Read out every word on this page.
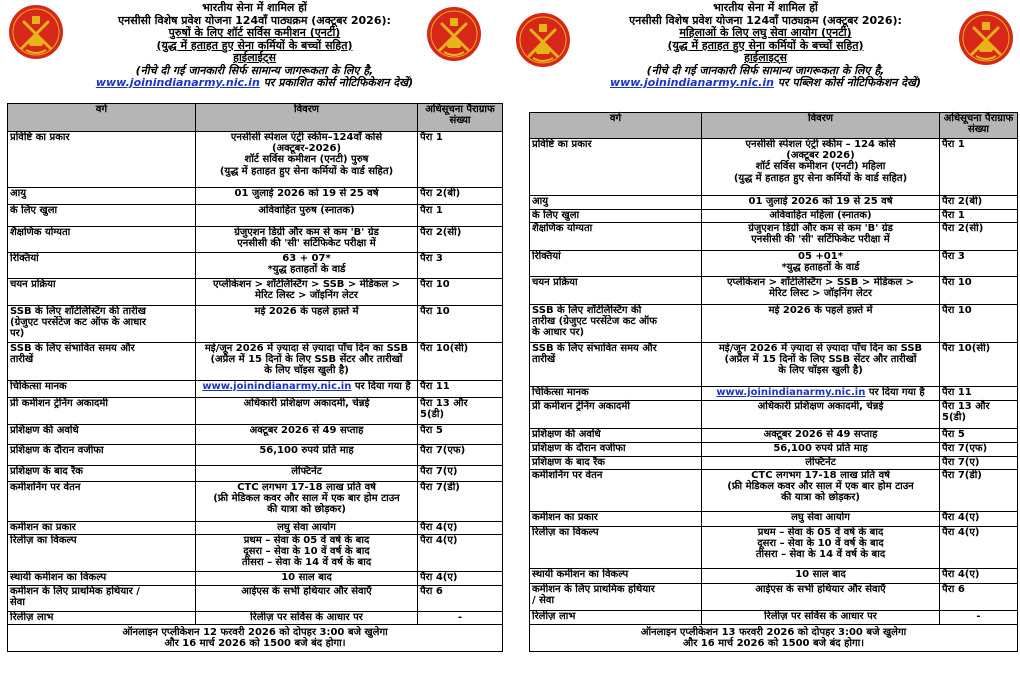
भारतीय सेना में शामिल हों
एनसीसी विशेष प्रवेश योजना 124वाँ पाठ्यक्रम (अक्टूबर 2026):
पुरुषों के लिए शॉर्ट सर्विस कमीशन (एनटी)
(युद्ध में हताहत हुए सेना कर्मियों के बच्चों सहित)
हाईलाईट्स
(नीचे दी गई जानकारी सिर्फ सामान्य जागरूकता के लिए है,
www.joinindianarmy.nic.in पर प्रकाशित कोर्स नोटिफिकेशन देखें)
वर्ग	विवरण	अधिसूचना पैराग्राफ संख्या
प्रविष्टि का प्रकार	एनसीसी स्पेशल एंट्री स्कीम–124वाँ कोर्स
(अक्टूबर-2026)
शॉर्ट सर्विस कमीशन (एनटी) पुरुष
(युद्ध में हताहत हुए सेना कर्मियों के वार्ड सहित)	पैरा 1
आयु	01 जुलाई 2026 को 19 से 25 वर्ष	पैरा 2(बी)
के लिए खुला	अविवाहित पुरुष (स्नातक)	पैरा 1
शैक्षणिक योग्यता	ग्रेजुएशन डिग्री और कम से कम 'B' ग्रेड
एनसीसी की 'सी' सर्टिफिकेट परीक्षा में	पैरा 2(सी)
रिक्तियां	63 + 07*
*युद्ध हताहतों के वार्ड	पैरा 3
चयन प्रक्रिया	एप्लीकेशन > शॉर्टलिस्टिंग > SSB > मेडिकल >
मेरिट लिस्ट > जॉइनिंग लेटर	पैरा 10
SSB के लिए शॉर्टलिस्टिंग की तारीख
(ग्रेजुएट परसेंटेज कट ऑफ के आधार
पर)	मई 2026 के पहले हफ़्ते में	पैरा 10
SSB के लिए संभावित समय और
तारीखें	मई/जून 2026 में ज़्यादा से ज़्यादा पाँच दिन का SSB
(अप्रैल में 15 दिनों के लिए SSB सेंटर और तारीखों
के लिए चॉइस खुली है)	पैरा 10(सी)
चिकित्सा मानक	www.joinindianarmy.nic.in पर दिया गया है	पैरा 11
प्री कमीशन ट्रेनिंग अकादमी	अधिकारी प्रशिक्षण अकादमी, चेन्नई	पैरा 13 और
5(डी)
प्रशिक्षण की अवधि	अक्टूबर 2026 से 49 सप्ताह	पैरा 5
प्रशिक्षण के दौरान वजीफा	56,100 रुपये प्रति माह	पैरा 7(एफ)
प्रशिक्षण के बाद रैंक	लेफ्टिनेंट	पैरा 7(ए)
कमीशनिंग पर वेतन	CTC लगभग 17-18 लाख प्रति वर्ष
(फ्री मेडिकल कवर और साल में एक बार होम टाउन
की यात्रा को छोड़कर)	पैरा 7(डी)
कमीशन का प्रकार	लघु सेवा आयोग	पैरा 4(ए)
रिलीज़ का विकल्प	प्रथम – सेवा के 05 वें वर्ष के बाद
दूसरा – सेवा के 10 वें वर्ष के बाद
तीसरा – सेवा के 14 वें वर्ष के बाद	पैरा 4(ए)
स्थायी कमीशन का विकल्प	10 साल बाद	पैरा 4(ए)
कमीशन के लिए प्राथमिक हथियार /
सेवा	आईएस के सभी हथियार और सेवाएँ	पैरा 6
रिलीज़ लाभ	रिलीज़ पर सर्विस के आधार पर	-
ऑनलाइन एप्लीकेशन 12 फरवरी 2026 को दोपहर 3:00 बजे खुलेगा
और 16 मार्च 2026 को 1500 बजे बंद होगा।		
भारतीय सेना में शामिल हों
एनसीसी विशेष प्रवेश योजना 124वाँ पाठ्यक्रम (अक्टूबर 2026):
महिलाओं के लिए लघु सेवा आयोग (एनटी)
(युद्ध में हताहत हुए सेना कर्मियों के बच्चों सहित)
हाईलाइट्स
(नीचे दी गई जानकारी सिर्फ सामान्य जागरूकता के लिए है,
www.joinindianarmy.nic.in पर पब्लिश कोर्स नोटिफिकेशन देखें)
वर्ग	विवरण	अधिसूचना पैराग्राफ संख्या
प्रविष्टि का प्रकार	एनसीसी स्पेशल एंट्री स्कीम – 124 कोर्स
(अक्टूबर 2026)
शॉर्ट सर्विस कमीशन (एनटी) महिला
(युद्ध में हताहत हुए सेना कर्मियों के वार्ड सहित)	पैरा 1
आयु	01 जुलाई 2026 को 19 से 25 वर्ष	पैरा 2(बी)
के लिए खुला	अविवाहित महिला (स्नातक)	पैरा 1
शैक्षणिक योग्यता	ग्रेजुएशन डिग्री और कम से कम 'B' ग्रेड
एनसीसी की 'सी' सर्टिफिकेट परीक्षा में	पैरा 2(सी)
रिक्तियां	05 +01*
*युद्ध हताहतों के वार्ड	पैरा 3
चयन प्रक्रिया	एप्लीकेशन > शॉर्टलिस्टिंग > SSB > मेडिकल >
मेरिट लिस्ट > जॉइनिंग लेटर	पैरा 10
SSB के लिए शॉर्टलिस्टिंग की
तारीख (ग्रेजुएट परसेंटेज कट ऑफ
के आधार पर)	मई 2026 के पहले हफ़्ते में	पैरा 10
SSB के लिए संभावित समय और
तारीखें	मई/जून 2026 में ज़्यादा से ज़्यादा पाँच दिन का SSB
(अप्रैल में 15 दिनों के लिए SSB सेंटर और तारीखों
के लिए चॉइस खुली है)	पैरा 10(सी)
चिकित्सा मानक	www.joinindianarmy.nic.in पर दिया गया है	पैरा 11
प्री कमीशन ट्रेनिंग अकादमी	अधिकारी प्रशिक्षण अकादमी, चेन्नई	पैरा 13 और
5(डी)
प्रशिक्षण की अवधि	अक्टूबर 2026 से 49 सप्ताह	पैरा 5
प्रशिक्षण के दौरान वजीफा	56,100 रुपये प्रति माह	पैरा 7(एफ)
प्रशिक्षण के बाद रैंक	लेफ्टिनेंट	पैरा 7(ए)
कमीशनिंग पर वेतन	CTC लगभग 17-18 लाख प्रति वर्ष
(फ्री मेडिकल कवर और साल में एक बार होम टाउन
की यात्रा को छोड़कर)	पैरा 7(डी)
कमीशन का प्रकार	लघु सेवा आयोग	पैरा 4(ए)
रिलीज़ का विकल्प	प्रथम – सेवा के 05 वें वर्ष के बाद
दूसरा – सेवा के 10 वें वर्ष के बाद
तीसरा – सेवा के 14 वें वर्ष के बाद	पैरा 4(ए)
स्थायी कमीशन का विकल्प	10 साल बाद	पैरा 4(ए)
कमीशन के लिए प्राथमिक हथियार
/ सेवा	आईएस के सभी हथियार और सेवाएँ	पैरा 6
रिलीज़ लाभ	रिलीज़ पर सर्विस के आधार पर	-
ऑनलाइन एप्लीकेशन 13 फरवरी 2026 को दोपहर 3:00 बजे खुलेगा
और 16 मार्च 2026 को 1500 बजे बंद होगा।		
